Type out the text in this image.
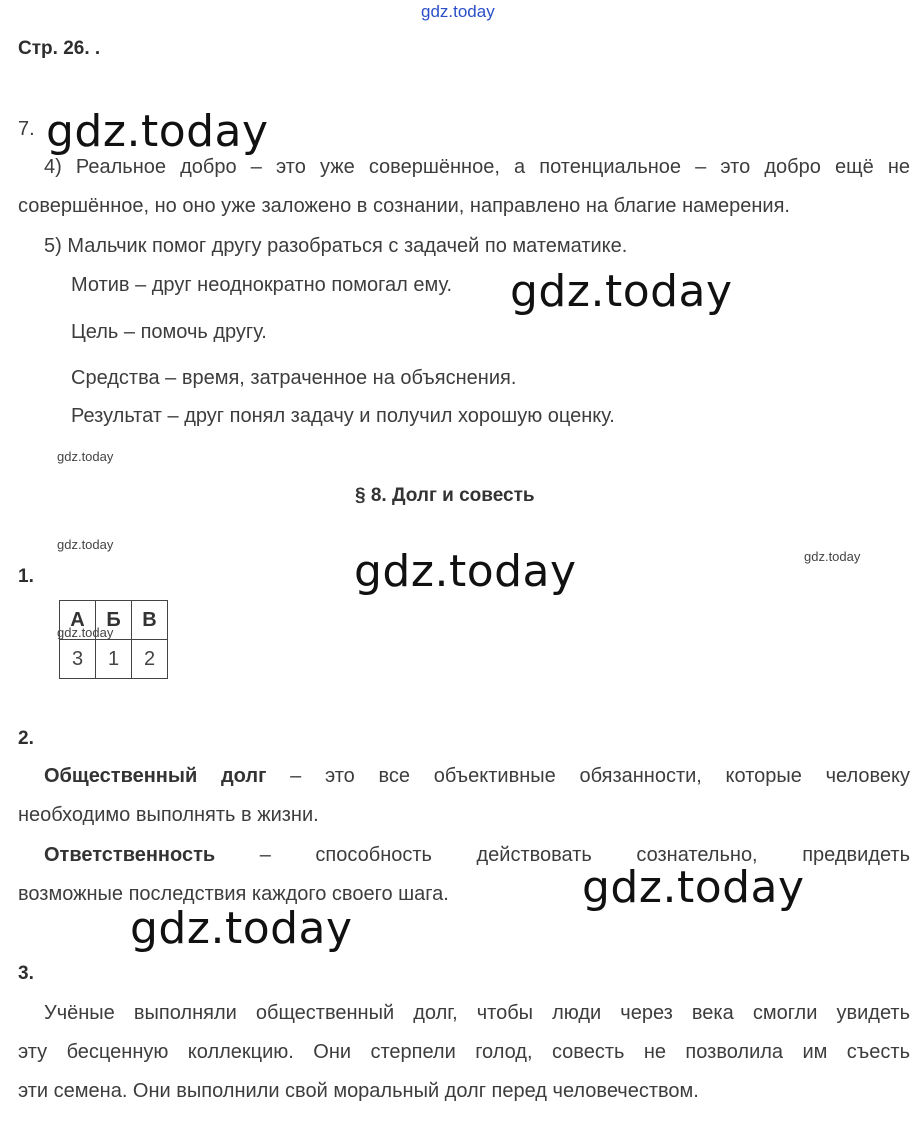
gdz.today
Стр. 26. .
7. gdz.today
4) Реальное добро – это уже совершённое, а потенциальное – это добро ещё не
совершённое, но оно уже заложено в сознании, направлено на благие намерения.
5) Мальчик помог другу разобраться с задачей по математике.
Мотив – друг неоднократно помогал ему. gdz.today
Цель – помочь другу.
Средства – время, затраченное на объяснения.
Результат – друг понял задачу и получил хорошую оценку.
gdz.today
§ 8. Долг и совесть
gdz.today
gdz.today
gdz.today
1.
А	Б	В
3	1	2
gdz.today
2.
Общественный долг – это все объективные обязанности, которые человеку
необходимо выполнять в жизни.
Ответственность – способность действовать сознательно, предвидеть
возможные последствия каждого своего шага.	gdz.today
gdz.today
3.
Учёные выполняли общественный долг, чтобы люди через века смогли увидеть
эту бесценную коллекцию. Они стерпели голод, совесть не позволила им съесть
эти семена. Они выполнили свой моральный долг перед человечеством.
